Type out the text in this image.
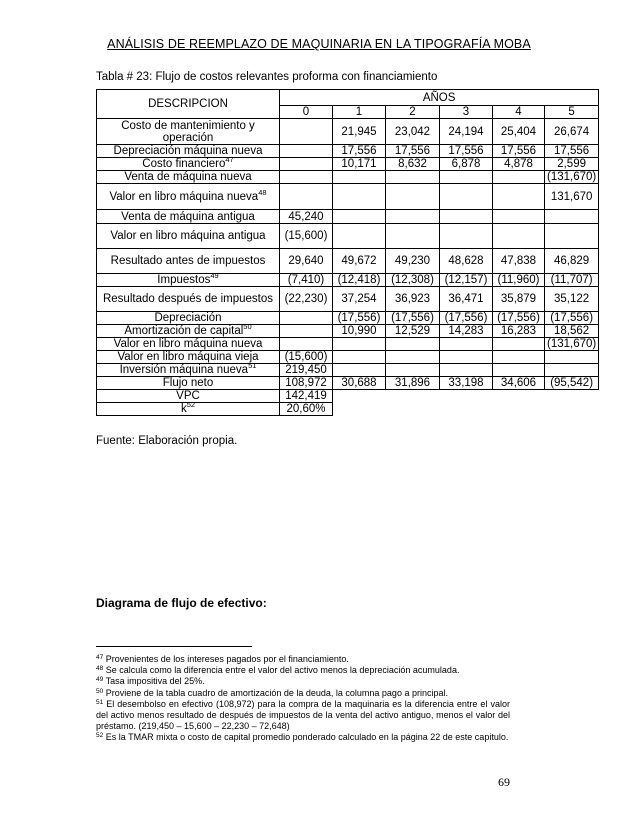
ANÁLISIS DE REEMPLAZO DE MAQUINARIA EN LA TIPOGRAFÍA MOBA
Tabla # 23: Flujo de costos relevantes proforma con financiamiento
DESCRIPCION	AÑOS					
	0	1	2	3	4	5
Costo de mantenimiento y operación		21,945	23,042	24,194	25,404	26,674
Depreciación máquina nueva		17,556	17,556	17,556	17,556	17,556
Costo financiero$^{47}$		10,171	8,632	6,878	4,878	2,599
Venta de máquina nueva						(131,670)
Valor en libro máquina nueva$^{48}$						131,670
Venta de máquina antigua	45,240					
Valor en libro máquina antigua	(15,600)					
Resultado antes de impuestos	29,640	49,672	49,230	48,628	47,838	46,829
Impuestos$^{49}$	(7,410)	(12,418)	(12,308)	(12,157)	(11,960)	(11,707)
Resultado después de impuestos	(22,230)	37,254	36,923	36,471	35,879	35,122
Depreciación		(17,556)	(17,556)	(17,556)	(17,556)	(17,556)
Amortización de capital$^{50}$		10,990	12,529	14,283	16,283	18,562
Valor en libro máquina nueva						(131,670)
Valor en libro máquina vieja	(15,600)					
Inversión máquina nueva$^{51}$	219,450					
Flujo neto	108,972	30,688	31,896	33,198	34,606	(95,542)
VPC	142,419					
$k^{52}$	20,60%					
Fuente: Elaboración propia.
Diagrama de flujo de efectivo:

$^{47}$ Provenientes de los intereses pagados por el financiamiento.

$^{48}$ Se calcula como la diferencia entre el valor del activo menos la depreciación acumulada.

$^{49}$ Tasa impositiva del 25%.

$^{50}$ Proviene de la tabla cuadro de amortización de la deuda, la columna pago a principal.

$^{51}$ El desembolso en efectivo (108,972) para la compra de la maquinaria es la diferencia entre el valor del activo menos resultado de después de impuestos de la venta del activo antiguo, menos el valor del préstamo. (219,450 – 15,600 – 22,230 – 72,648)

$^{52}$ Es la TMAR mixta o costo de capital promedio ponderado calculado en la página 22 de este capitulo.

69
